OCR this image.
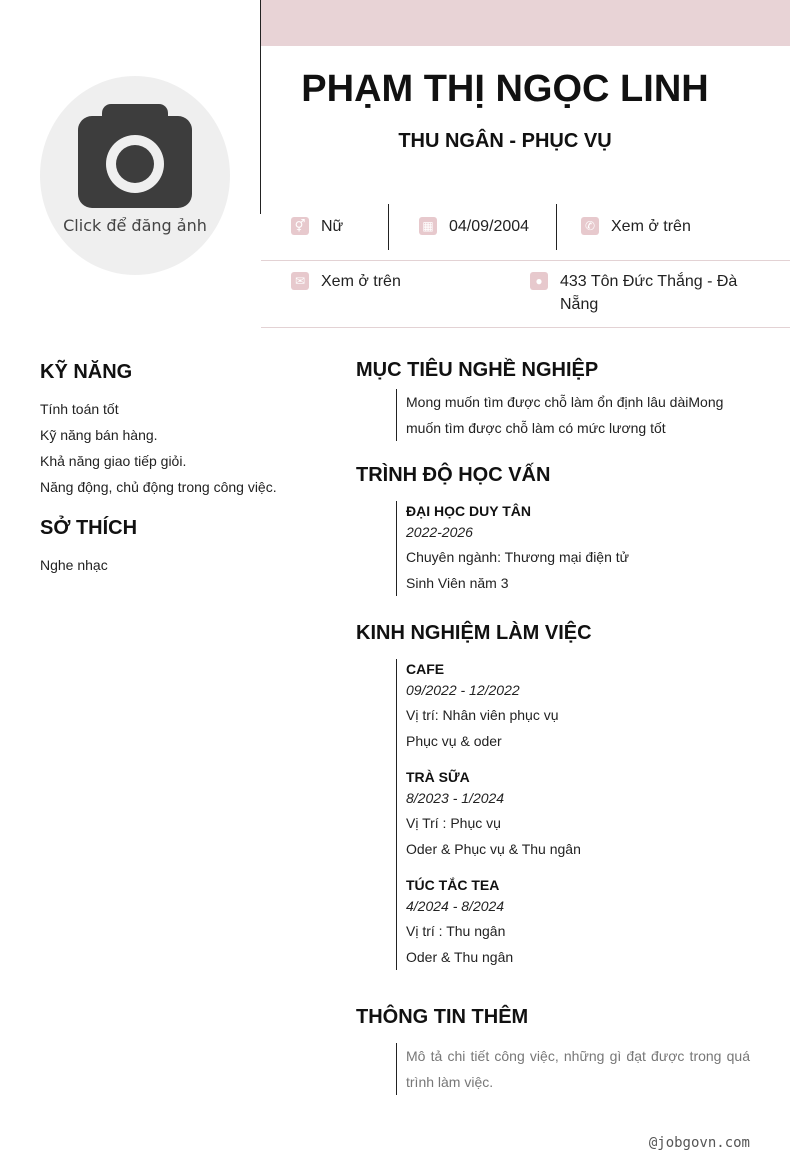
Click để đăng ảnh
PHẠM THỊ NGỌC LINH
THU NGÂN - PHỤC VỤ
⚥ Nữ	▦ 04/09/2004	✆ Xem ở trên
✉ Xem ở trên	●	433 Tôn Đức Thắng - Đà Nẵng
KỸ NĂNG
Tính toán tốt
Kỹ năng bán hàng.
Khả năng giao tiếp giỏi.
Năng động, chủ động trong công việc.
SỞ THÍCH
Nghe nhạc
MỤC TIÊU NGHỀ NGHIỆP
Mong muốn tìm được chỗ làm ổn định lâu dàiMong muốn tìm được chỗ làm có mức lương tốt
TRÌNH ĐỘ HỌC VẤN
ĐẠI HỌC DUY TÂN
2022-2026
Chuyên ngành: Thương mại điện tử
Sinh Viên năm 3
KINH NGHIỆM LÀM VIỆC
CAFE
09/2022 - 12/2022
Vị trí: Nhân viên phục vụ
Phục vụ & oder
TRÀ SỮA
8/2023 - 1/2024
Vị Trí : Phục vụ
Oder & Phục vụ & Thu ngân
TÚC TẮC TEA
4/2024 - 8/2024
Vị trí : Thu ngân
Oder & Thu ngân
THÔNG TIN THÊM
Mô tả chi tiết công việc, những gì đạt được trong quá trình làm việc.
@jobgovn.com
